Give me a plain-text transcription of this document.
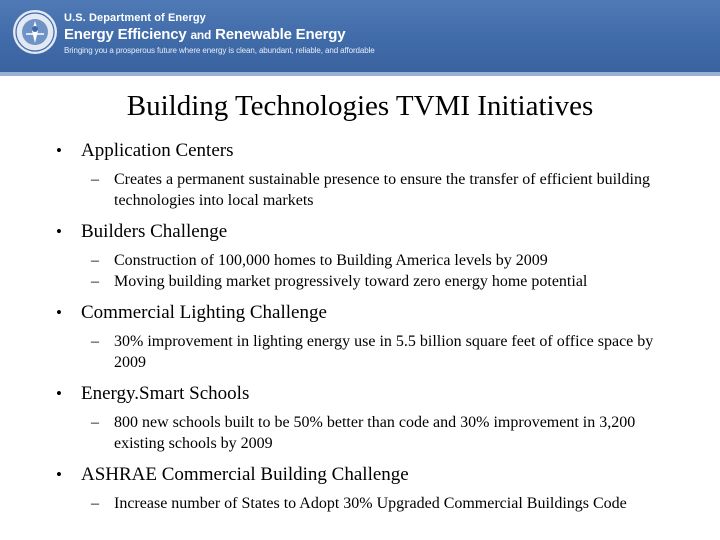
U.S. Department of Energy
Energy Efficiency and Renewable Energy
Bringing you a prosperous future where energy is clean, abundant, reliable, and affordable
Building Technologies TVMI Initiatives
• Application Centers
– Creates a permanent sustainable presence to ensure the transfer of efficient building technologies into local markets
• Builders Challenge
– Construction of 100,000 homes to Building America levels by 2009
– Moving building market progressively toward zero energy home potential
• Commercial Lighting Challenge
– 30% improvement in lighting energy use in 5.5 billion square feet of office space by 2009
• Energy.Smart Schools
– 800 new schools built to be 50% better than code and 30% improvement in 3,200 existing schools by 2009
• ASHRAE Commercial Building Challenge
– Increase number of States to Adopt 30% Upgraded Commercial Buildings Code
